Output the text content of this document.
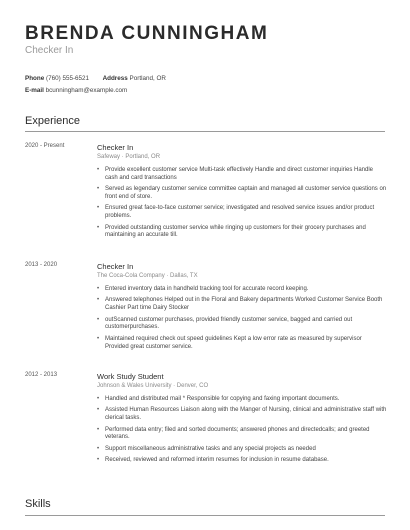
BRENDA CUNNINGHAM
Checker In
Phone (760) 555-6521 Address Portland, OR
E-mail bcunningham@example.com
Experience
2020 - Present	Checker In
Safeway · Portland, OR
• Provide excellent customer service Multi-task effectively Handle and direct customer inquiries Handle cash and card transactions
• Served as legendary customer service committee captain and managed all customer service questions on front end of store.
• Ensured great face-to-face customer service; investigated and resolved service issues and/or product problems.
• Provided outstanding customer service while ringing up customers for their grocery purchases and maintaining an accurate till.
2013 - 2020	Checker In
The Coca-Cola Company · Dallas, TX
• Entered inventory data in handheld tracking tool for accurate record keeping.
• Answered telephones Helped out in the Floral and Bakery departments Worked Customer Service Booth Cashier Part time Dairy Stocker
• outScanned customer purchases, provided friendly customer service, bagged and carried out customerpurchases.
• Maintained required check out speed guidelines Kept a low error rate as measured by supervisor Provided great customer service.
2012 - 2013	Work Study Student
Johnson & Wales University · Denver, CO
• Handled and distributed mail * Responsible for copying and faxing important documents.
• Assisted Human Resources Liaison along with the Manger of Nursing, clinical and administrative staff with clerical tasks.
• Performed data entry; filed and sorted documents; answered phones and directedcalls; and greeted veterans.
• Support miscellaneous administrative tasks and any special projects as needed
• Received, reviewed and reformed interim resumes for inclusion in resume database.
Skills
